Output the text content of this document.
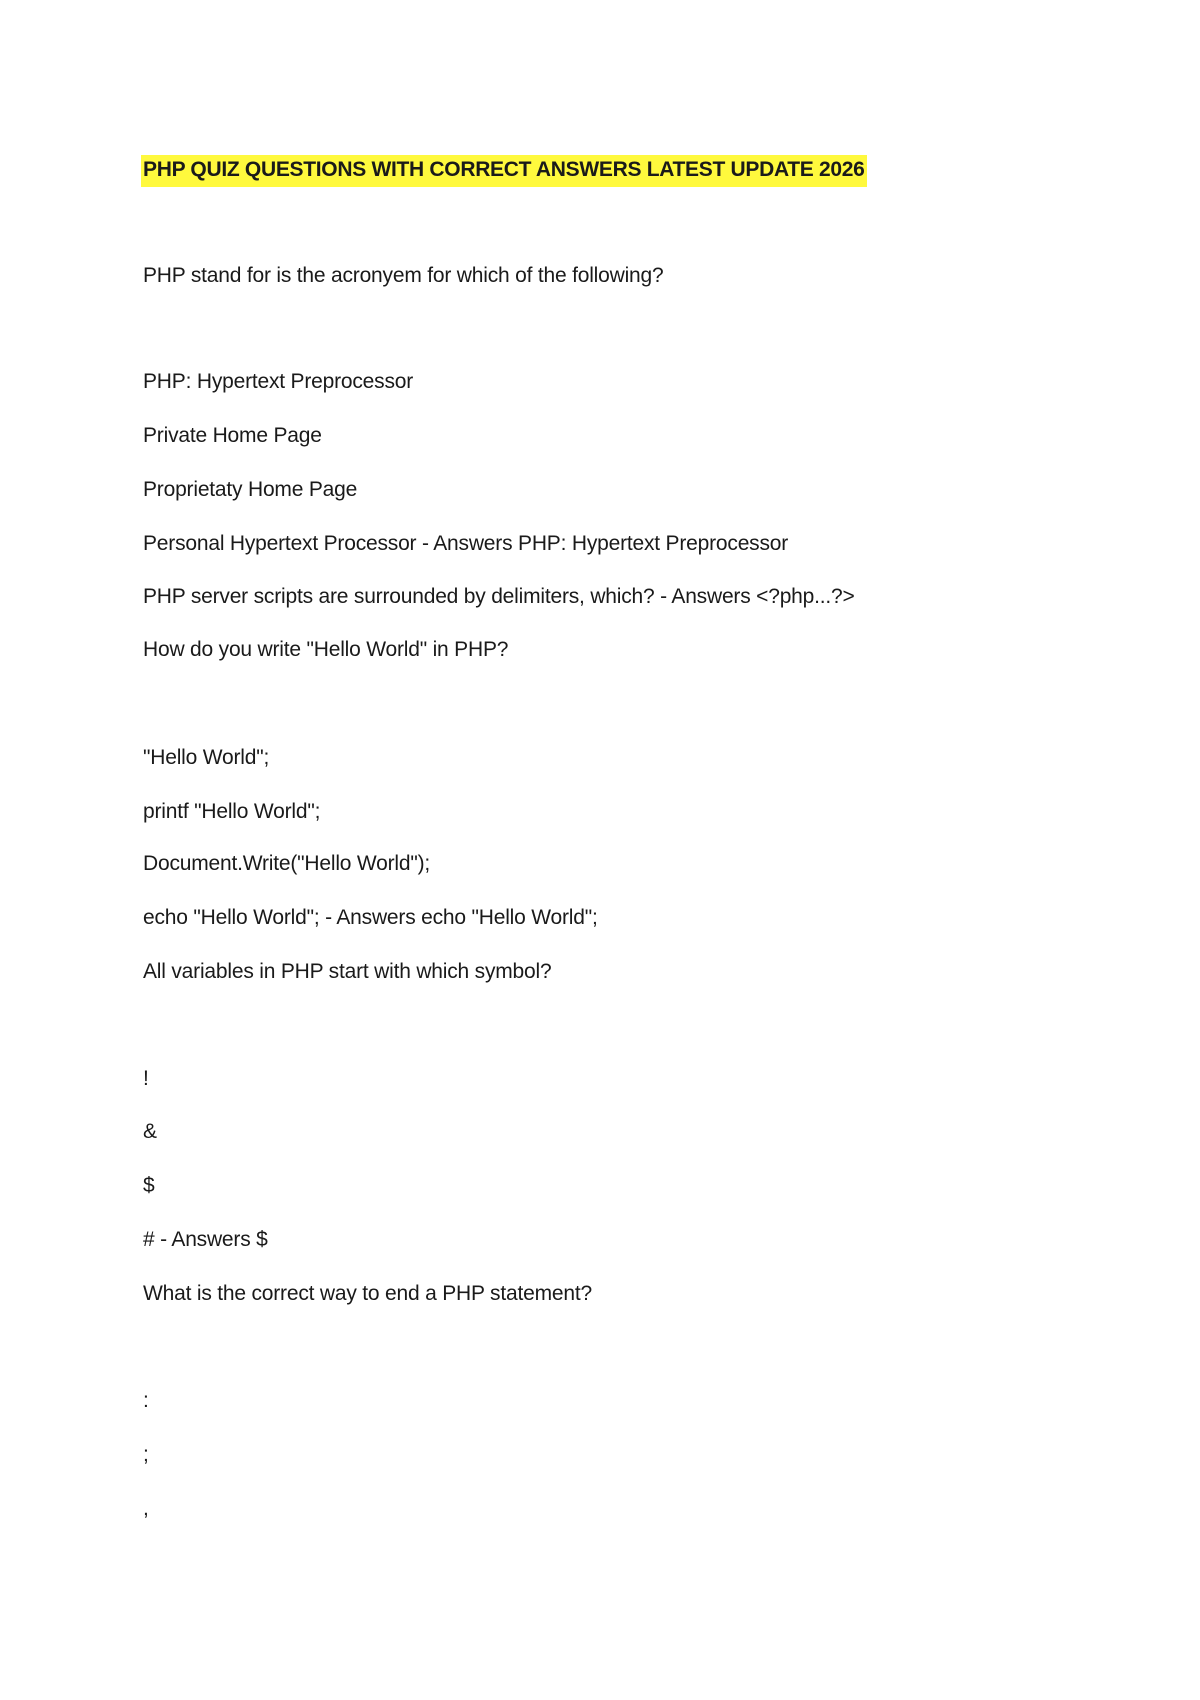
PHP QUIZ QUESTIONS WITH CORRECT ANSWERS LATEST UPDATE 2026
PHP stand for is the acronyem for which of the following?
PHP: Hypertext Preprocessor
Private Home Page
Proprietaty Home Page
Personal Hypertext Processor - Answers PHP: Hypertext Preprocessor
PHP server scripts are surrounded by delimiters, which? - Answers <?php...?>
How do you write "Hello World" in PHP?
"Hello World";
printf "Hello World";
Document.Write("Hello World");
echo "Hello World"; - Answers echo "Hello World";
All variables in PHP start with which symbol?
!
&
$
# - Answers $
What is the correct way to end a PHP statement?
:
;
,
